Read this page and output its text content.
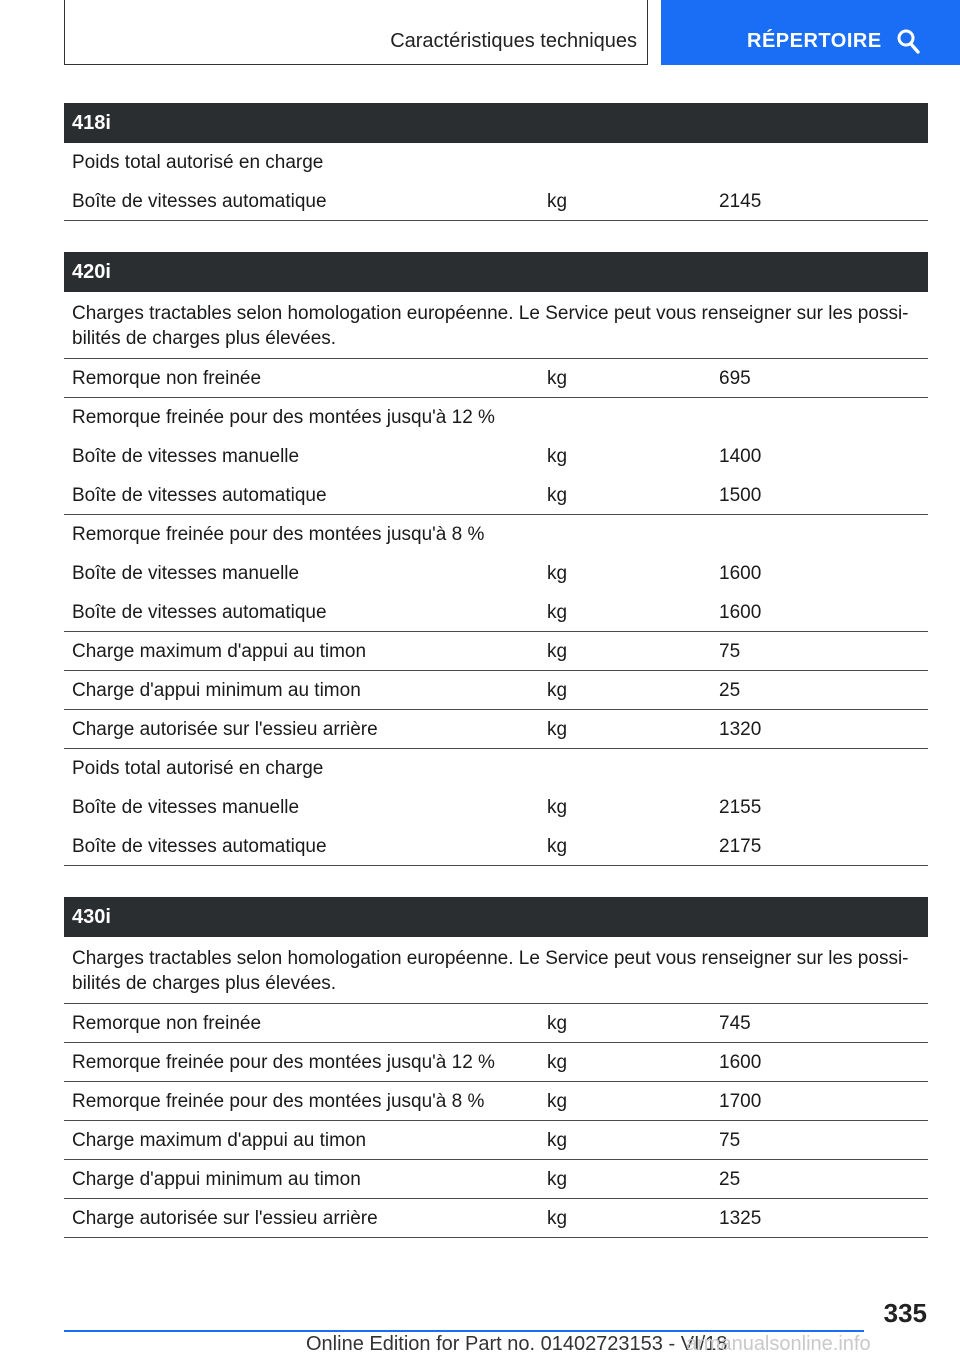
Caractéristiques techniques	RÉPERTOIRE
418i
Poids total autorisé en charge
Boîte de vitesses automatique	kg	2145
420i
Charges tractables selon homologation européenne. Le Service peut vous renseigner sur les possi-
bilités de charges plus élevées.
Remorque non freinée	kg	695
Remorque freinée pour des montées jusqu'à 12 %
Boîte de vitesses manuelle	kg	1400
Boîte de vitesses automatique	kg	1500
Remorque freinée pour des montées jusqu'à 8 %
Boîte de vitesses manuelle	kg	1600
Boîte de vitesses automatique	kg	1600
Charge maximum d'appui au timon	kg	75
Charge d'appui minimum au timon	kg	25
Charge autorisée sur l'essieu arrière	kg	1320
Poids total autorisé en charge
Boîte de vitesses manuelle	kg	2155
Boîte de vitesses automatique	kg	2175
430i
Charges tractables selon homologation européenne. Le Service peut vous renseigner sur les possi-
bilités de charges plus élevées.
Remorque non freinée	kg	745
Remorque freinée pour des montées jusqu'à 12 %	kg	1600
Remorque freinée pour des montées jusqu'à 8 %	kg	1700
Charge maximum d'appui au timon	kg	75
Charge d'appui minimum au timon	kg	25
Charge autorisée sur l'essieu arrière	kg	1325
335
Online Edition for Part no. 01402723153 - VI/18
armanualsonline.info
